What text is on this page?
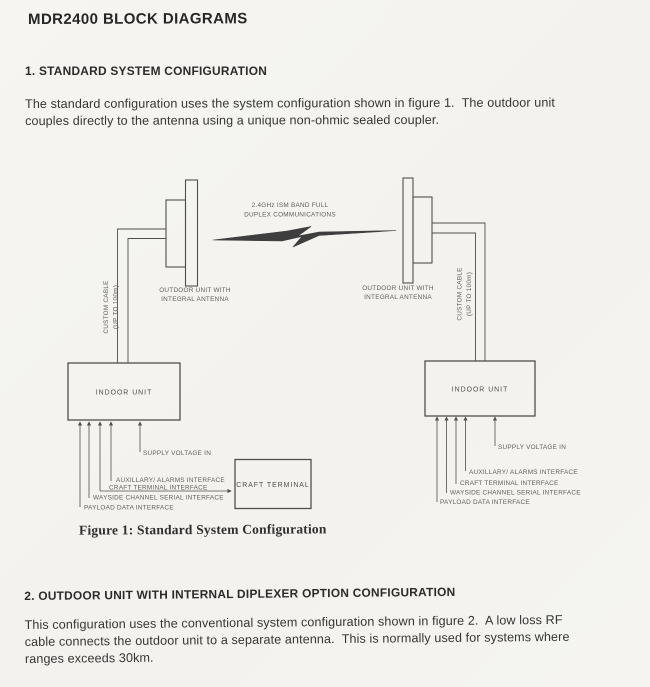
MDR2400 BLOCK DIAGRAMS
1. STANDARD SYSTEM CONFIGURATION
The standard configuration uses the system configuration shown in figure 1.  The outdoor unit
couples directly to the antenna using a unique non-ohmic sealed coupler.
OUTDOOR UNIT WITH
INTEGRAL ANTENNA
CUSTOM CABLE (UP TO 100m)	OUTDOOR UNIT WITH
INTEGRAL ANTENNA	CUSTOM CABLE (UP TO 100m)
2.4GHz ISM BAND FULL
DUPLEX COMMUNICATIONS
INDOOR UNIT	INDOOR UNIT
SUPPLY VOLTAGE IN
AUXILLARY/ ALARMS INTERFACE
CRAFT TERMINAL INTERFACE
WAYSIDE CHANNEL SERIAL INTERFACE
PAYLOAD DATA INTERFACE
SUPPLY VOLTAGE IN
AUXILLARY/ ALARMS INTERFACE
CRAFT TERMINAL INTERFACE
WAYSIDE CHANNEL SERIAL INTERFACE
PAYLOAD DATA INTERFACE
CRAFT TERMINAL
Figure 1: Standard System Configuration
2. OUTDOOR UNIT WITH INTERNAL DIPLEXER OPTION CONFIGURATION
This configuration uses the conventional system configuration shown in figure 2.  A low loss RF
cable connects the outdoor unit to a separate antenna.  This is normally used for systems where
ranges exceeds 30km.
